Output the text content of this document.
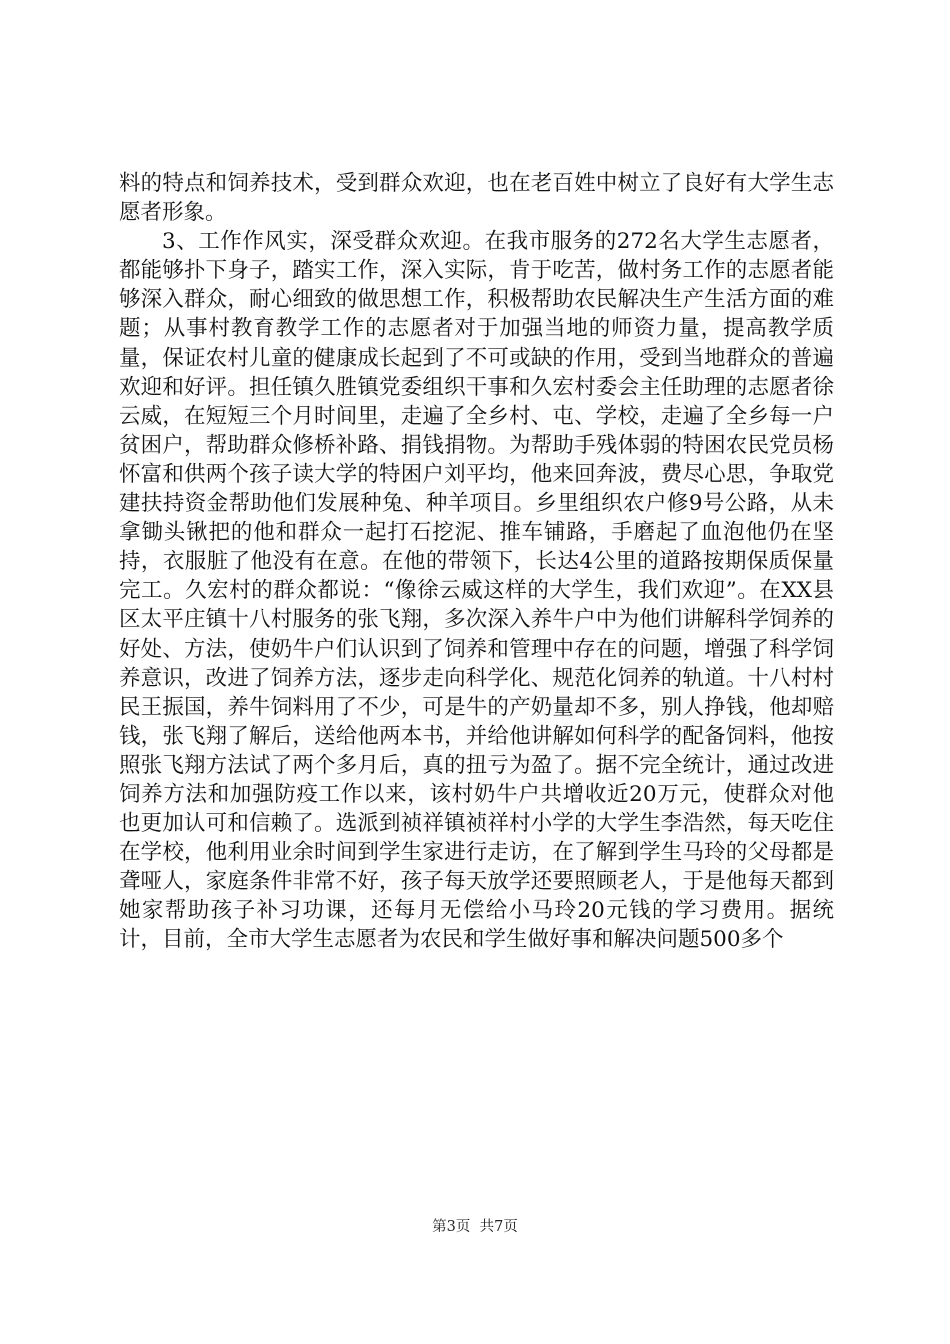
料的特点和饲养技术，受到群众欢迎，也在老百姓中树立了良好有大学生志愿者形象。

3、工作作风实，深受群众欢迎。在我市服务的272名大学生志愿者，都能够扑下身子，踏实工作，深入实际，肯于吃苦，做村务工作的志愿者能够深入群众，耐心细致的做思想工作，积极帮助农民解决生产生活方面的难题；从事村教育教学工作的志愿者对于加强当地的师资力量，提高教学质量，保证农村儿童的健康成长起到了不可或缺的作用，受到当地群众的普遍欢迎和好评。担任镇久胜镇党委组织干事和久宏村委会主任助理的志愿者徐云威，在短短三个月时间里，走遍了全乡村、屯、学校，走遍了全乡每一户贫困户，帮助群众修桥补路、捐钱捐物。为帮助手残体弱的特困农民党员杨怀富和供两个孩子读大学的特困户刘平均，他来回奔波，费尽心思，争取党建扶持资金帮助他们发展种兔、种羊项目。乡里组织农户修9号公路，从未拿锄头锹把的他和群众一起打石挖泥、推车铺路，手磨起了血泡他仍在坚持，衣服脏了他没有在意。在他的带领下，长达4公里的道路按期保质保量完工。久宏村的群众都说：“像徐云威这样的大学生，我们欢迎”。在XX县区太平庄镇十八村服务的张飞翔，多次深入养牛户中为他们讲解科学饲养的好处、方法，使奶牛户们认识到了饲养和管理中存在的问题，增强了科学饲养意识，改进了饲养方法，逐步走向科学化、规范化饲养的轨道。十八村村民王振国，养牛饲料用了不少，可是牛的产奶量却不多，别人挣钱，他却赔钱，张飞翔了解后，送给他两本书，并给他讲解如何科学的配备饲料，他按照张飞翔方法试了两个多月后，真的扭亏为盈了。据不完全统计，通过改进饲养方法和加强防疫工作以来，该村奶牛户共增收近20万元，使群众对他也更加认可和信赖了。选派到祯祥镇祯祥村小学的大学生李浩然，每天吃住在学校，他利用业余时间到学生家进行走访，在了解到学生马玲的父母都是聋哑人，家庭条件非常不好，孩子每天放学还要照顾老人，于是他每天都到她家帮助孩子补习功课，还每月无偿给小马玲20元钱的学习费用。据统计，目前，全市大学生志愿者为农民和学生做好事和解决问题500多个

第3页 共7页
